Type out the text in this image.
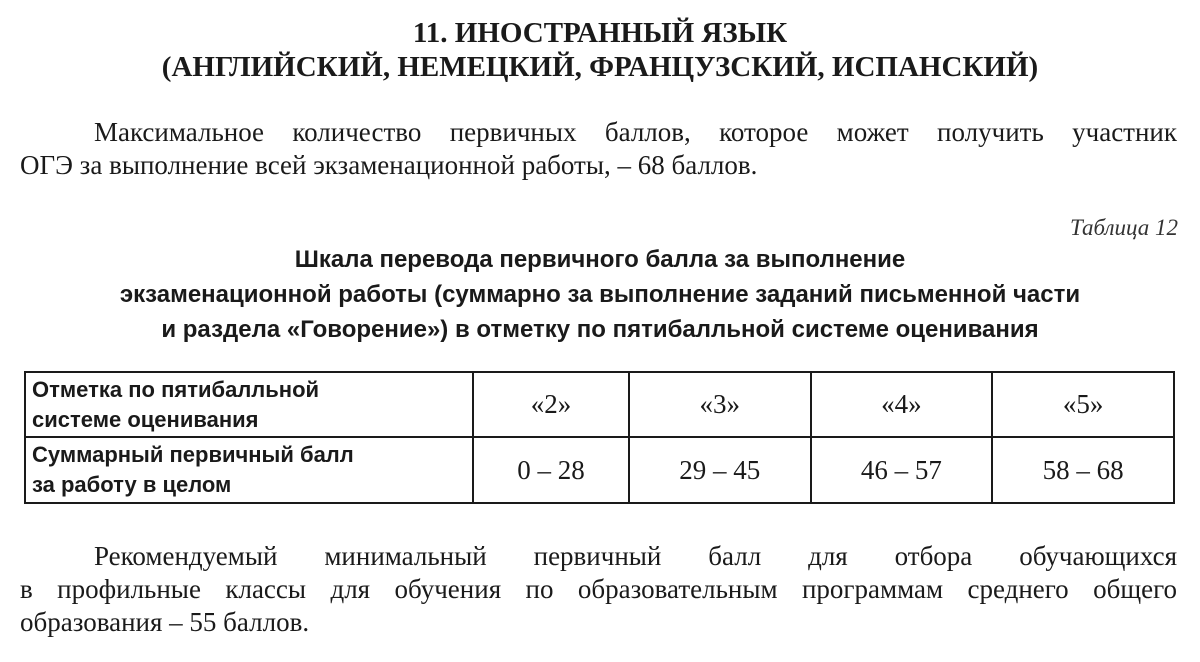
11. ИНОСТРАННЫЙ ЯЗЫК
(АНГЛИЙСКИЙ, НЕМЕЦКИЙ, ФРАНЦУЗСКИЙ, ИСПАНСКИЙ)
Максимальное количество первичных баллов, которое может получить участник
ОГЭ за выполнение всей экзаменационной работы, – 68 баллов.
Таблица 12
Шкала перевода первичного балла за выполнение
экзаменационной работы (суммарно за выполнение заданий письменной части
и раздела «Говорение») в отметку по пятибалльной системе оценивания
Отметка по пятибалльной
системе оценивания	«2»	«3»	«4»	«5»

Суммарный первичный балл
за работу в целом	0 – 28	29 – 45	46 – 57	58 – 68
Рекомендуемый минимальный первичный балл для отбора обучающихся
в профильные классы для обучения по образовательным программам среднего общего
образования – 55 баллов.
